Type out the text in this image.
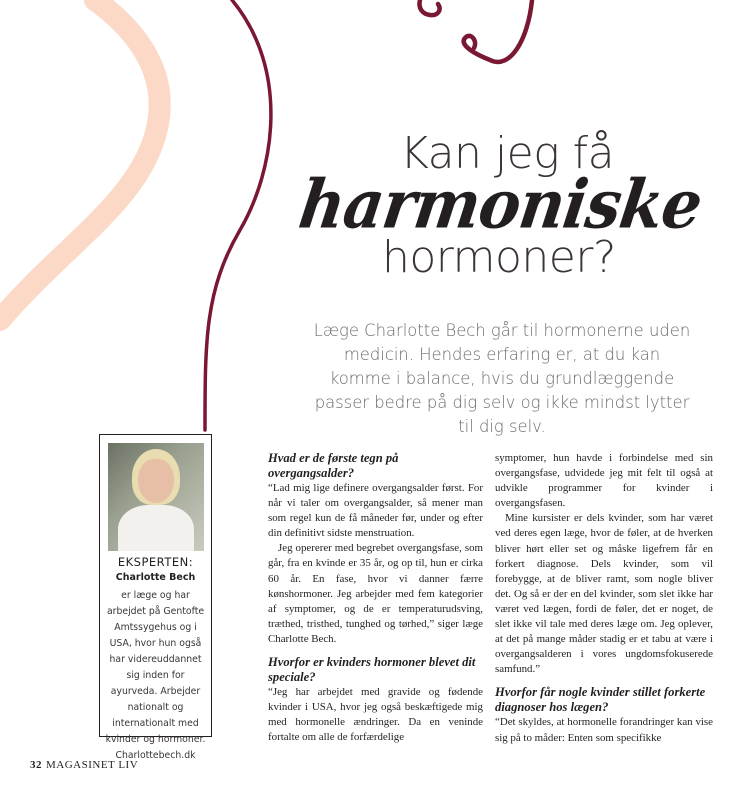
Kan jeg få
harmoniske
hormoner?
Læge Charlotte Bech går til hormonerne uden medicin. Hendes erfaring er, at du kan komme i balance, hvis du grundlæggende passer bedre på dig selv og ikke mindst lytter til dig selv.
EKSPERTEN:
Charlotte Bech
er læge og har arbejdet på Gentofte Amtssygehus og i USA, hvor hun også har videreuddannet sig inden for ayurveda. Arbejder nationalt og internationalt med kvinder og hormoner. Charlottebech.dk
Hvad er de første tegn på overgangsalder?

“Lad mig lige definere overgangsalder først. For når vi taler om overgangsalder, så mener man som regel kun de få måneder før, under og efter din definitivt sidste menstruation.

Jeg opererer med begrebet overgangsfase, som går, fra en kvinde er 35 år, og op til, hun er cirka 60 år. En fase, hvor vi danner færre kønshormoner. Jeg arbejder med fem kategorier af symptomer, og de er temperaturudsving, træthed, tristhed, tunghed og tørhed,” siger læge Charlotte Bech.

Hvorfor er kvinders hormoner blevet dit speciale?

“Jeg har arbejdet med gravide og fødende kvinder i USA, hvor jeg også beskæftigede mig med hormonelle ændringer. Da en veninde fortalte om alle de forfærdelige

symptomer, hun havde i forbindelse med sin overgangsfase, udvidede jeg mit felt til også at udvikle programmer for kvinder i overgangsfasen.

Mine kursister er dels kvinder, som har været ved deres egen læge, hvor de føler, at de hverken bliver hørt eller set og måske ligefrem får en forkert diagnose. Dels kvinder, som vil forebygge, at de bliver ramt, som nogle bliver det. Og så er der en del kvinder, som slet ikke har været ved lægen, fordi de føler, det er noget, de slet ikke vil tale med deres læge om. Jeg oplever, at det på mange måder stadig er et tabu at være i overgangsalderen i vores ungdomsfokuserede samfund.”

Hvorfor får nogle kvinder stillet forkerte diagnoser hos lægen?

“Det skyldes, at hormonelle forandringer kan vise sig på to måder: Enten som specifikke

32 MAGASINET LIV
